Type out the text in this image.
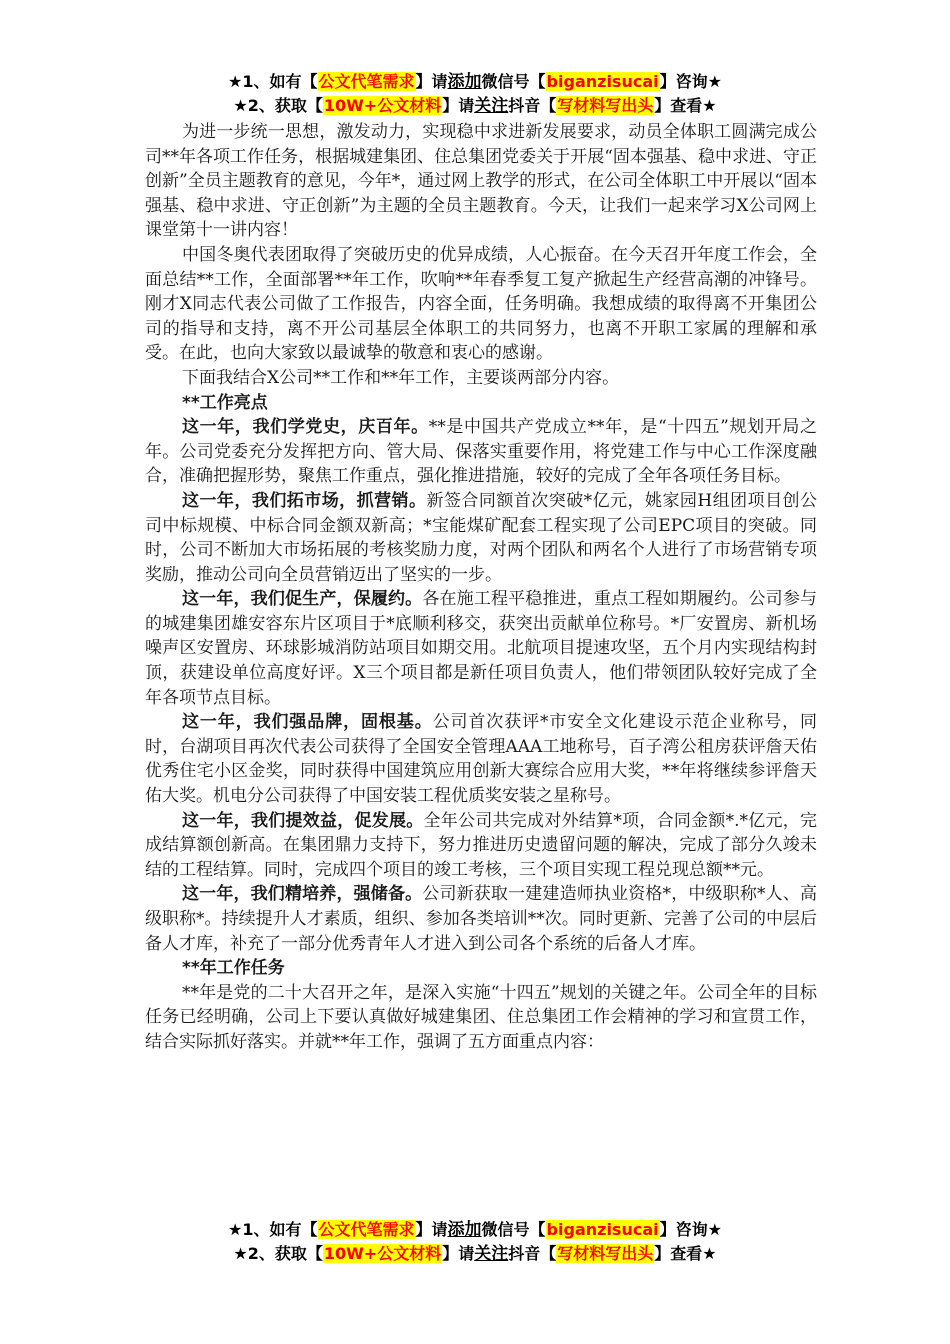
★1、如有【公文代笔需求】请添加微信号【biganzisucai】咨询★
★2、获取【10W+公文材料】请关注抖音【写材料写出头】查看★

为进一步统一思想，激发动力，实现稳中求进新发展要求，动员全体职工圆满完成公司**年各项工作任务，根据城建集团、住总集团党委关于开展“固本强基、稳中求进、守正创新”全员主题教育的意见，今年*，通过网上教学的形式，在公司全体职工中开展以“固本强基、稳中求进、守正创新”为主题的全员主题教育。今天，让我们一起来学习X公司网上课堂第十一讲内容！

中国冬奥代表团取得了突破历史的优异成绩，人心振奋。在今天召开年度工作会，全面总结**工作，全面部署**年工作，吹响**年春季复工复产掀起生产经营高潮的冲锋号。刚才X同志代表公司做了工作报告，内容全面，任务明确。我想成绩的取得离不开集团公司的指导和支持，离不开公司基层全体职工的共同努力，也离不开职工家属的理解和承受。在此，也向大家致以最诚挚的敬意和衷心的感谢。

下面我结合X公司**工作和**年工作，主要谈两部分内容。

**工作亮点

这一年，我们学党史，庆百年。**是中国共产党成立**年，是“十四五”规划开局之年。公司党委充分发挥把方向、管大局、保落实重要作用，将党建工作与中心工作深度融合，准确把握形势，聚焦工作重点，强化推进措施，较好的完成了全年各项任务目标。

这一年，我们拓市场，抓营销。新签合同额首次突破*亿元，姚家园H组团项目创公司中标规模、中标合同金额双新高；*宝能煤矿配套工程实现了公司EPC项目的突破。同时，公司不断加大市场拓展的考核奖励力度，对两个团队和两名个人进行了市场营销专项奖励，推动公司向全员营销迈出了坚实的一步。

这一年，我们促生产，保履约。各在施工程平稳推进，重点工程如期履约。公司参与的城建集团雄安容东片区项目于*底顺利移交，获突出贡献单位称号。*厂安置房、新机场噪声区安置房、环球影城消防站项目如期交用。北航项目提速攻坚，五个月内实现结构封顶，获建设单位高度好评。X三个项目都是新任项目负责人，他们带领团队较好完成了全年各项节点目标。

这一年，我们强品牌，固根基。公司首次获评*市安全文化建设示范企业称号，同时，台湖项目再次代表公司获得了全国安全管理AAA工地称号，百子湾公租房获评詹天佑优秀住宅小区金奖，同时获得中国建筑应用创新大赛综合应用大奖，**年将继续参评詹天佑大奖。机电分公司获得了中国安装工程优质奖安装之星称号。

这一年，我们提效益，促发展。全年公司共完成对外结算*项，合同金额*.*亿元，完成结算额创新高。在集团鼎力支持下，努力推进历史遗留问题的解决，完成了部分久竣未结的工程结算。同时，完成四个项目的竣工考核，三个项目实现工程兑现总额**元。

这一年，我们精培养，强储备。公司新获取一建建造师执业资格*，中级职称*人、高级职称*。持续提升人才素质，组织、参加各类培训**次。同时更新、完善了公司的中层后备人才库，补充了一部分优秀青年人才进入到公司各个系统的后备人才库。

**年工作任务

**年是党的二十大召开之年，是深入实施“十四五”规划的关键之年。公司全年的目标任务已经明确，公司上下要认真做好城建集团、住总集团工作会精神的学习和宣贯工作，结合实际抓好落实。并就**年工作，强调了五方面重点内容：

★1、如有【公文代笔需求】请添加微信号【biganzisucai】咨询★
★2、获取【10W+公文材料】请关注抖音【写材料写出头】查看★
